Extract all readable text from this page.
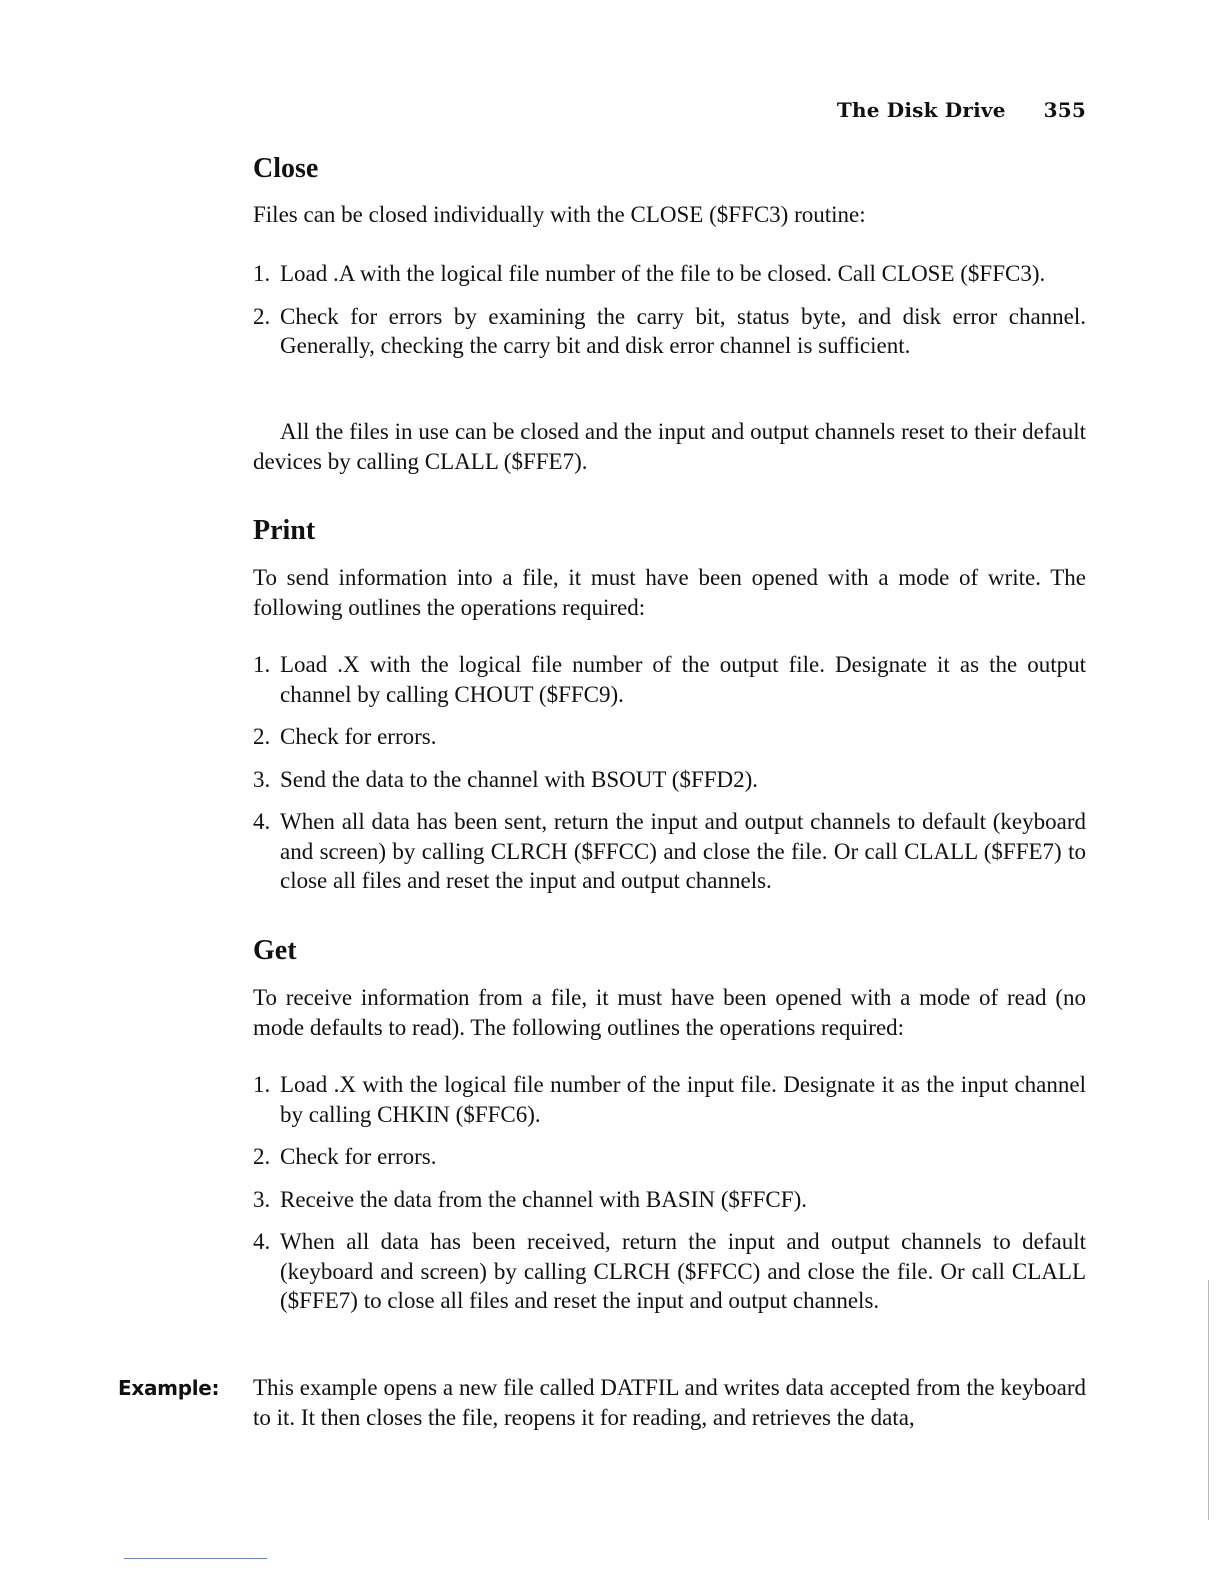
The Disk Drive 355
Close

Files can be closed individually with the CLOSE ($FFC3) routine:

1. Load .A with the logical file number of the file to be closed. Call CLOSE ($FFC3).
2. Check for errors by examining the carry bit, status byte, and disk error channel. Generally, checking the carry bit and disk error channel is sufficient.

All the files in use can be closed and the input and output channels reset to their default devices by calling CLALL ($FFE7).

Print

To send information into a file, it must have been opened with a mode of write. The following outlines the operations required:

1. Load .X with the logical file number of the output file. Designate it as the output channel by calling CHOUT ($FFC9).
2. Check for errors.
3. Send the data to the channel with BSOUT ($FFD2).
4. When all data has been sent, return the input and output channels to default (keyboard and screen) by calling CLRCH ($FFCC) and close the file. Or call CLALL ($FFE7) to close all files and reset the input and output channels.
Get

To receive information from a file, it must have been opened with a mode of read (no mode defaults to read). The following outlines the operations required:

1. Load .X with the logical file number of the input file. Designate it as the input channel by calling CHKIN ($FFC6).
2. Check for errors.
3. Receive the data from the channel with BASIN ($FFCF).
4. When all data has been received, return the input and output channels to default (keyboard and screen) by calling CLRCH ($FFCC) and close the file. Or call CLALL ($FFE7) to close all files and reset the input and output channels.
Example: This example opens a new file called DATFIL and writes data accepted from the keyboard to it. It then closes the file, reopens it for reading, and retrieves the data,
